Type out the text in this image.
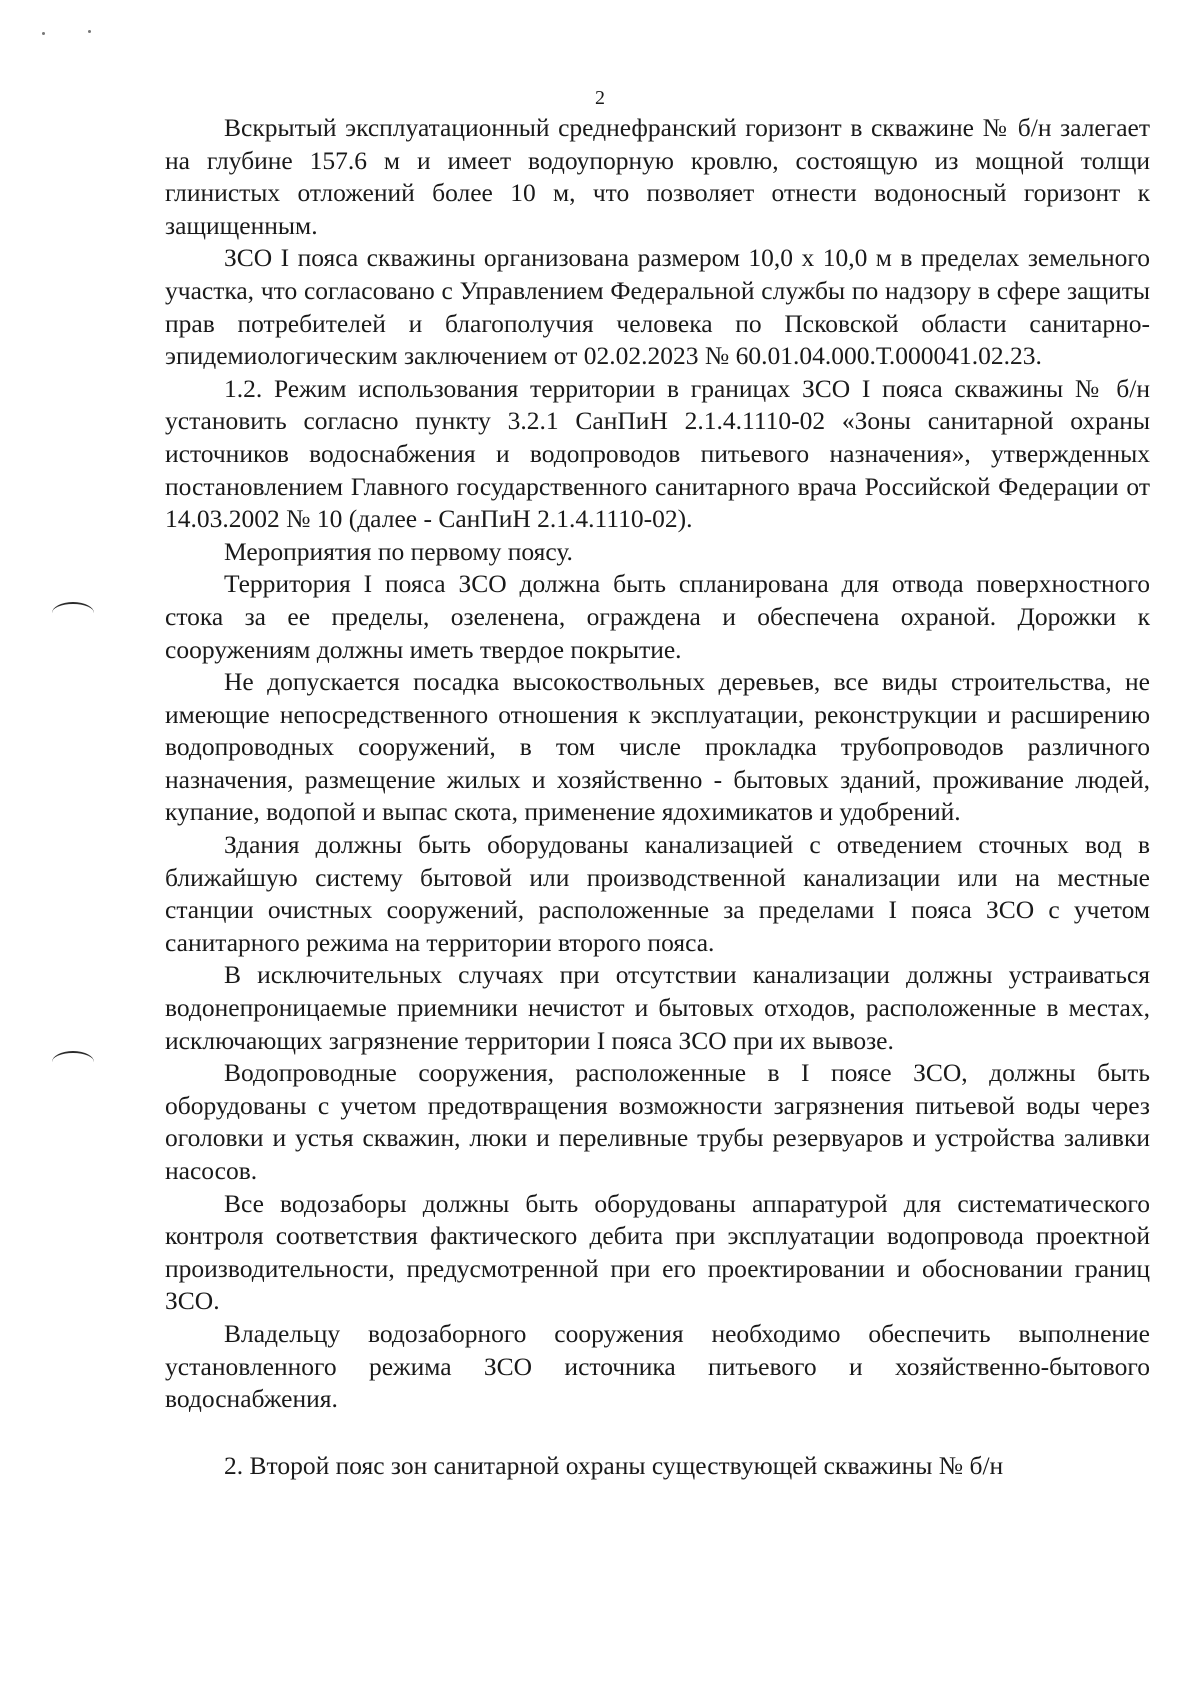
2

Вскрытый эксплуатационный среднефранский горизонт в скважине № б/н залегает на глубине 157.6 м и имеет водоупорную кровлю, состоящую из мощной толщи глинистых отложений более 10 м, что позволяет отнести водоносный горизонт к защищенным.

ЗСО I пояса скважины организована размером 10,0 x 10,0 м в пределах земельного участка, что согласовано с Управлением Федеральной службы по надзору в сфере защиты прав потребителей и благополучия человека по Псковской области санитарно-эпидемиологическим заключением от 02.02.2023 № 60.01.04.000.Т.000041.02.23.

1.2. Режим использования территории в границах ЗСО I пояса скважины № б/н установить согласно пункту 3.2.1 СанПиН 2.1.4.1110-02 «Зоны санитарной охраны источников водоснабжения и водопроводов питьевого назначения», утвержденных постановлением Главного государственного санитарного врача Российской Федерации от 14.03.2002 № 10 (далее - СанПиН 2.1.4.1110-02).

Мероприятия по первому поясу.

Территория I пояса ЗСО должна быть спланирована для отвода поверхностного стока за ее пределы, озеленена, ограждена и обеспечена охраной. Дорожки к сооружениям должны иметь твердое покрытие.

Не допускается посадка высокоствольных деревьев, все виды строительства, не имеющие непосредственного отношения к эксплуатации, реконструкции и расширению водопроводных сооружений, в том числе прокладка трубопроводов различного назначения, размещение жилых и хозяйственно - бытовых зданий, проживание людей, купание, водопой и выпас скота, применение ядохимикатов и удобрений.

Здания должны быть оборудованы канализацией с отведением сточных вод в ближайшую систему бытовой или производственной канализации или на местные станции очистных сооружений, расположенные за пределами I пояса ЗСО с учетом санитарного режима на территории второго пояса.

В исключительных случаях при отсутствии канализации должны устраиваться водонепроницаемые приемники нечистот и бытовых отходов, расположенные в местах, исключающих загрязнение территории I пояса ЗСО при их вывозе.

Водопроводные сооружения, расположенные в I поясе ЗСО, должны быть оборудованы с учетом предотвращения возможности загрязнения питьевой воды через оголовки и устья скважин, люки и переливные трубы резервуаров и устройства заливки насосов.

Все водозаборы должны быть оборудованы аппаратурой для систематического контроля соответствия фактического дебита при эксплуатации водопровода проектной производительности, предусмотренной при его проектировании и обосновании границ ЗСО.

Владельцу водозаборного сооружения необходимо обеспечить выполнение установленного режима ЗСО источника питьевого и хозяйственно-бытового водоснабжения.

2. Второй пояс зон санитарной охраны существующей скважины № б/н
